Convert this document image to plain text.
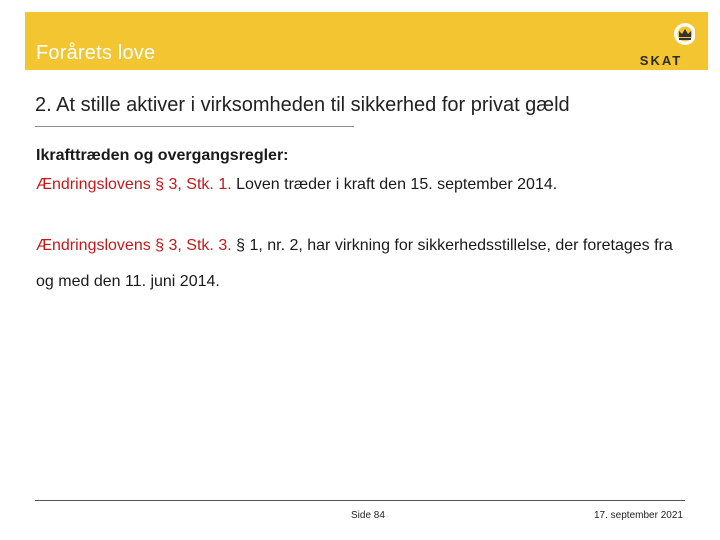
Forårets love	SKAT
2. At stille aktiver i virksomheden til sikkerhed for privat gæld
Ikrafttræden og overgangsregler:
Ændringslovens § 3, Stk. 1. Loven træder i kraft den 15. september 2014.
Ændringslovens § 3, Stk. 3. § 1, nr. 2, har virkning for sikkerhedsstillelse, der foretages fra og med den 11. juni 2014.
Side 84	17. september 2021
